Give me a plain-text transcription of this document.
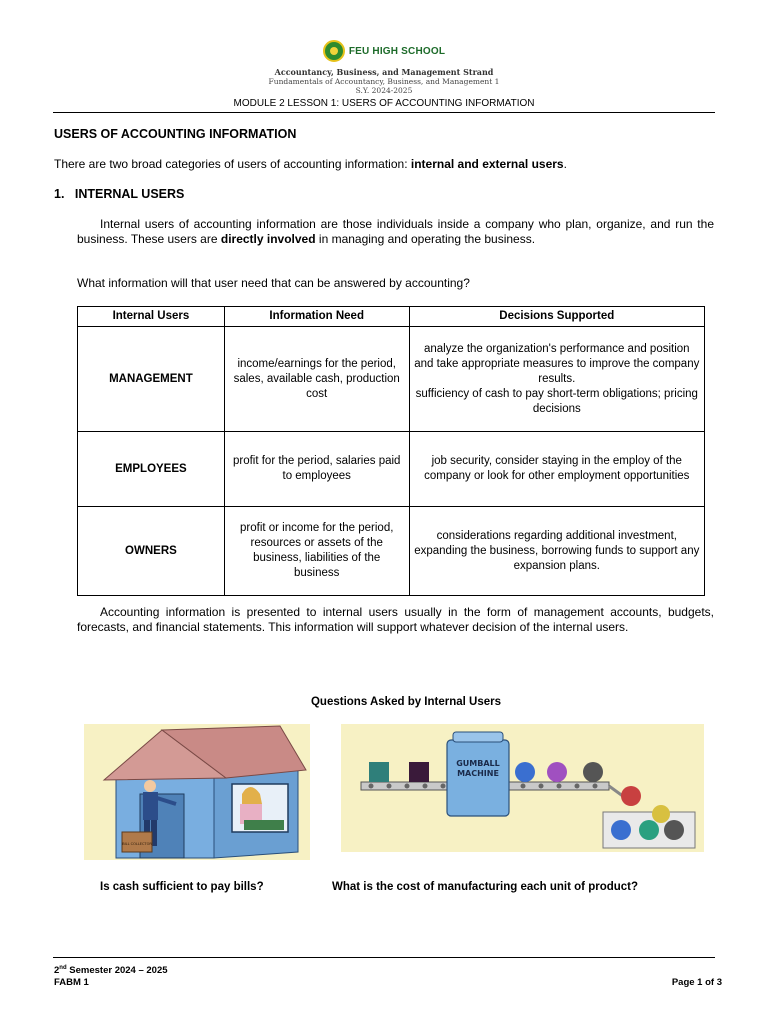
FEU HIGH SCHOOL
Accountancy, Business, and Management Strand
Fundamentals of Accountancy, Business, and Management 1
S.Y. 2024-2025
MODULE 2 LESSON 1: USERS OF ACCOUNTING INFORMATION
USERS OF ACCOUNTING INFORMATION
There are two broad categories of users of accounting information: internal and external users.
1. INTERNAL USERS
Internal users of accounting information are those individuals inside a company who plan, organize, and run the business. These users are directly involved in managing and operating the business.
What information will that user need that can be answered by accounting?
Internal Users	Information Need	Decisions Supported
MANAGEMENT	income/earnings for the period, sales, available cash, production cost	analyze the organization's performance and position and take appropriate measures to improve the company results.
sufficiency of cash to pay short-term obligations; pricing decisions

EMPLOYEES	profit for the period, salaries paid to employees	job security, consider staying in the employ of the company or look for other employment opportunities
OWNERS	profit or income for the period, resources or assets of the business, liabilities of the business	considerations regarding additional investment, expanding the business, borrowing funds to support any expansion plans.
Accounting information is presented to internal users usually in the form of management accounts, budgets, forecasts, and financial statements. This information will support whatever decision of the internal users.
Questions Asked by Internal Users
BILL COLLECTOR
GUMBALL
MACHINE
Is cash sufficient to pay bills?	What is the cost of manufacturing each unit of product?
2nd Semester 2024 – 2025
FABM 1	Page 1 of 3
